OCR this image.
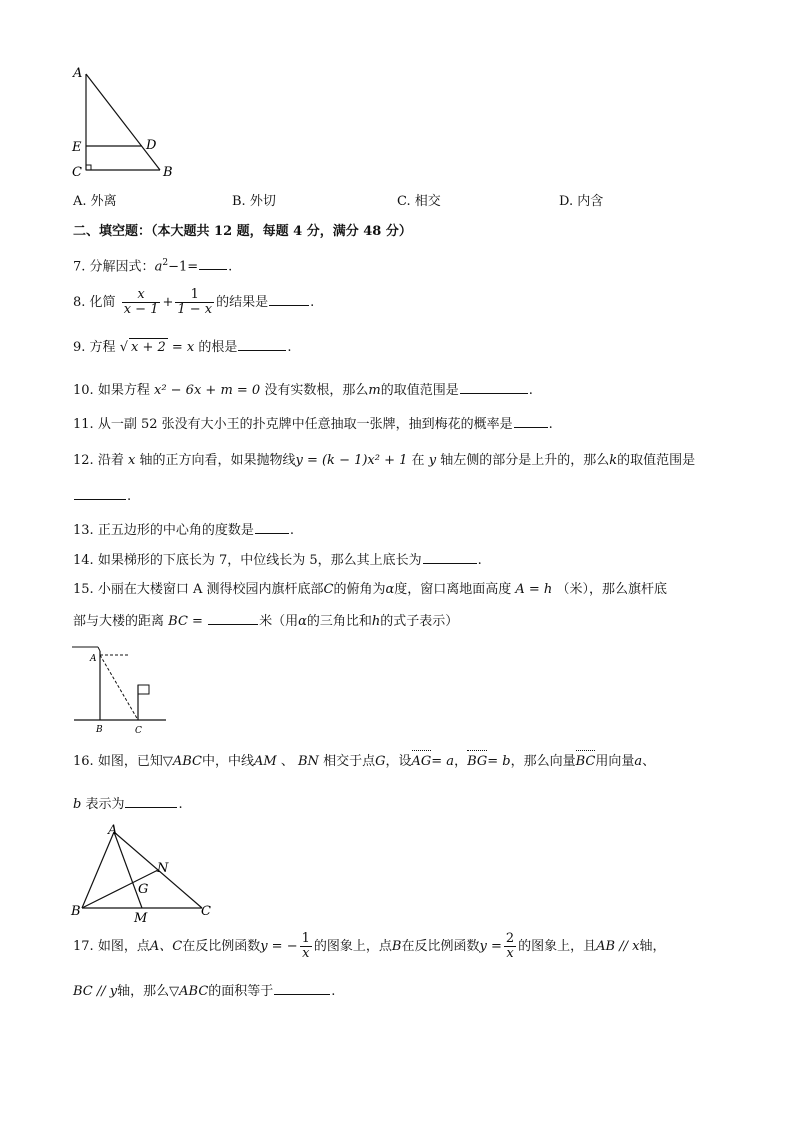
A
E	D
C	B
A. 外离	B. 外切	C. 相交	D. 内含
二、填空题：（本大题共 12 题，每题 4 分，满分 48 分）
7. 分解因式：$a^2-1=$ .
8. 化简 $\frac{x}{x - 1} + \frac{1}{1 - x}$ 的结果是	.
9. 方程 √ x + 2 = x 的根是	.
10. 如果方程 x² − 6x + m = 0 没有实数根，那么m的取值范围是	.
11. 从一副 52 张没有大小王的扑克牌中任意抽取一张牌，抽到梅花的概率是	.
12. 沿着 x 轴的正方向看，如果抛物线y = (k − 1)x² + 1 在 y 轴左侧的部分是上升的，那么k的取值范围是
.
13. 正五边形的中心角的度数是	.
14. 如果梯形的下底长为 7，中位线长为 5，那么其上底长为	.
15. 小丽在大楼窗口 A 测得校园内旗杆底部C的俯角为α度，窗口离地面高度 A = h （米），那么旗杆底
部与大楼的距离 BC =	米（用α的三角比和h的式子表示）
A
B	C
16. 如图，已知▽ABC中，中线AM 、 BN 相交于点G，设AG= a，BG= b，那么向量BC用向量a、
b 表示为	.
A
N
G
B	M	C
17. 如图，点A、C在反比例函数y = − $\frac{1}{x}$ 的图象上，点B在反比例函数$y = \frac{2}{x}$ 的图象上，且AB // x轴，
BC // y轴，那么▽ABC的面积等于	.
